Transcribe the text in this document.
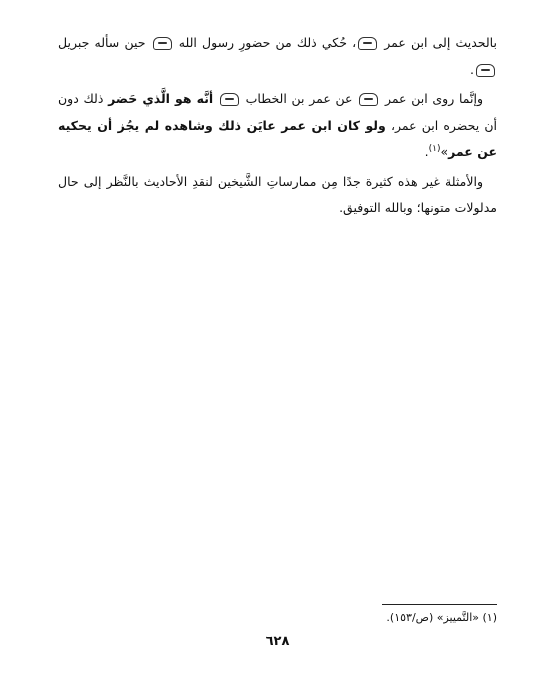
بالحديث إلى ابن عمر ، حُكي ذلك من حضورِ رسول الله  حين سأله جبريل .

وإنَّما روى ابن عمر  عن عمر بن الخطاب  أنَّه هو الَّذي حَضر ذلك دون أن يحضره ابن عمر، ولو كان ابن عمر عايَن ذلك وشاهده لم يجُز أن يحكيه عن عمر»$^{(١)}$.

والأمثلة غير هذه كثيرة جدًا مِن ممارساتِ الشَّيخين لنقدِ الأحاديث بالنَّظر إلى حال مدلولات متونها؛ وبالله التوفيق.

(١) «التَّمييز» (ص/١٥٣).
٦٢٨
